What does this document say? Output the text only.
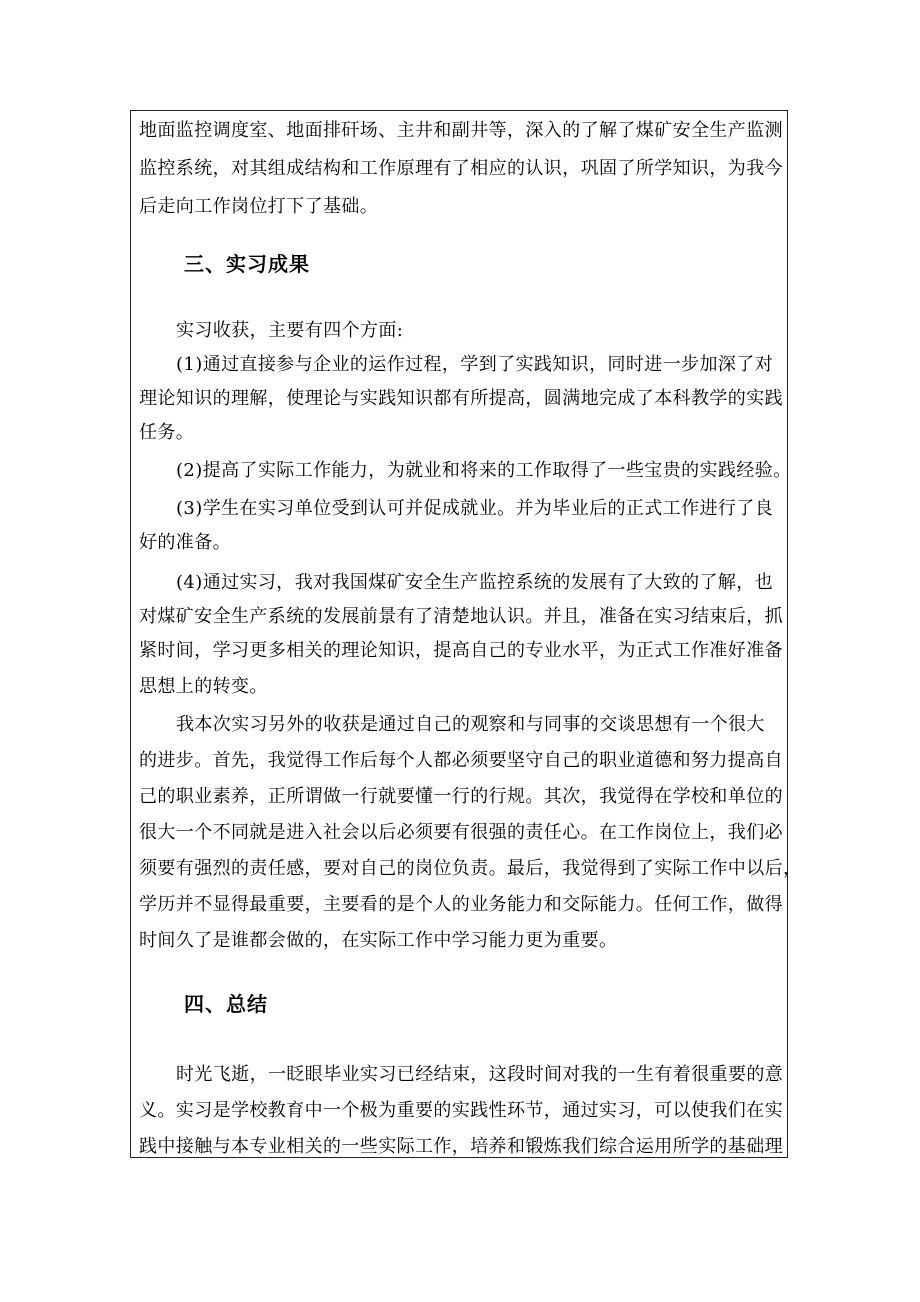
地面监控调度室、地面排矸场、主井和副井等，深入的了解了煤矿安全生产监测
监控系统，对其组成结构和工作原理有了相应的认识，巩固了所学知识，为我今
后走向工作岗位打下了基础。
三、实习成果
实习收获，主要有四个方面:
(1)通过直接参与企业的运作过程，学到了实践知识，同时进一步加深了对
理论知识的理解，使理论与实践知识都有所提高，圆满地完成了本科教学的实践
任务。
(2)提高了实际工作能力，为就业和将来的工作取得了一些宝贵的实践经验。
(3)学生在实习单位受到认可并促成就业。并为毕业后的正式工作进行了良
好的准备。
(4)通过实习，我对我国煤矿安全生产监控系统的发展有了大致的了解，也
对煤矿安全生产系统的发展前景有了清楚地认识。并且，准备在实习结束后，抓
紧时间，学习更多相关的理论知识，提高自己的专业水平，为正式工作准好准备
思想上的转变。
我本次实习另外的收获是通过自己的观察和与同事的交谈思想有一个很大
的进步。首先，我觉得工作后每个人都必须要坚守自己的职业道德和努力提高自
己的职业素养，正所谓做一行就要懂一行的行规。其次，我觉得在学校和单位的
很大一个不同就是进入社会以后必须要有很强的责任心。在工作岗位上，我们必
须要有强烈的责任感，要对自己的岗位负责。最后，我觉得到了实际工作中以后，
学历并不显得最重要，主要看的是个人的业务能力和交际能力。任何工作，做得
时间久了是谁都会做的，在实际工作中学习能力更为重要。
四、总结
时光飞逝，一眨眼毕业实习已经结束，这段时间对我的一生有着很重要的意
义。实习是学校教育中一个极为重要的实践性环节，通过实习，可以使我们在实
践中接触与本专业相关的一些实际工作，培养和锻炼我们综合运用所学的基础理
